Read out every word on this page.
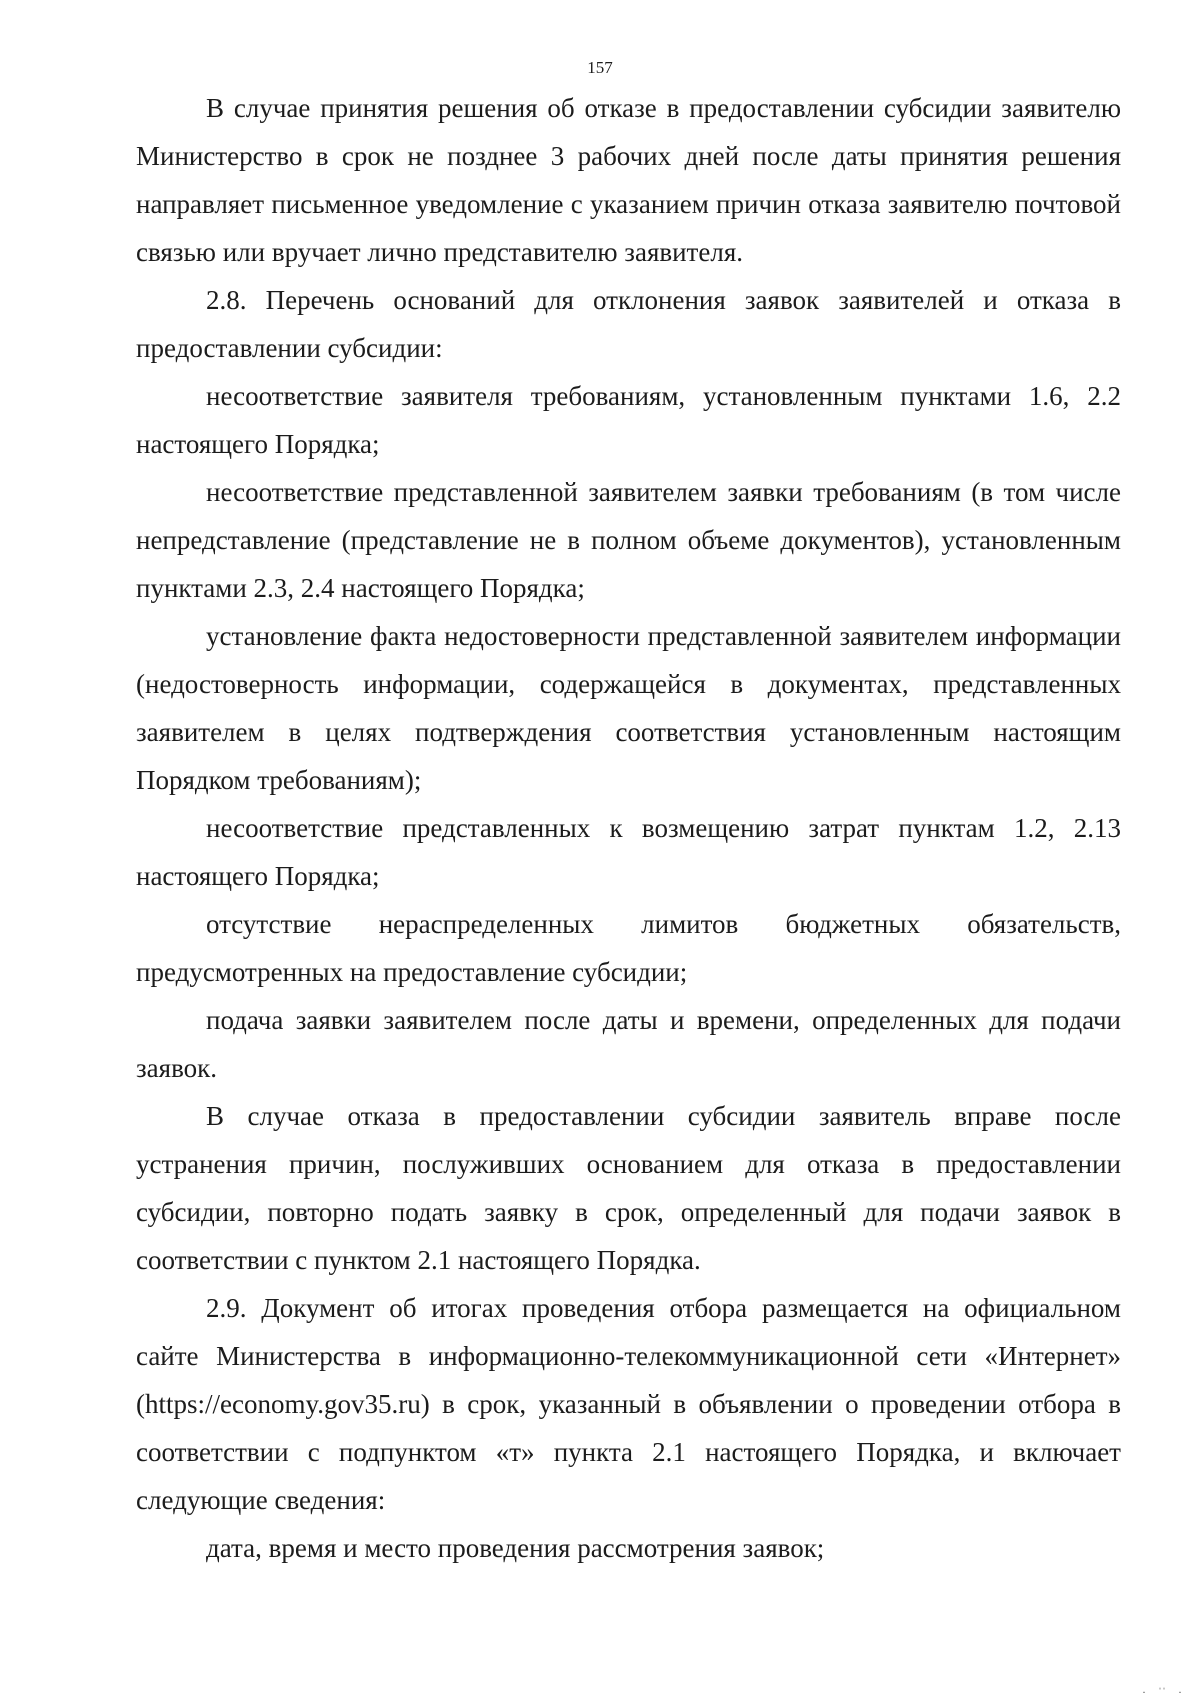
157

В случае принятия решения об отказе в предоставлении субсидии заявителю Министерство в срок не позднее 3 рабочих дней после даты принятия решения направляет письменное уведомление с указанием причин отказа заявителю почтовой связью или вручает лично представителю заявителя.

2.8. Перечень оснований для отклонения заявок заявителей и отказа в предоставлении субсидии:

несоответствие заявителя требованиям, установленным пунктами 1.6, 2.2 настоящего Порядка;

несоответствие представленной заявителем заявки требованиям (в том числе непредставление (представление не в полном объеме документов), установленным пунктами 2.3, 2.4 настоящего Порядка;

установление факта недостоверности представленной заявителем информации (недостоверность информации, содержащейся в документах, представленных заявителем в целях подтверждения соответствия установленным настоящим Порядком требованиям);

несоответствие представленных к возмещению затрат пунктам 1.2, 2.13 настоящего Порядка;

отсутствие нераспределенных лимитов бюджетных обязательств, предусмотренных на предоставление субсидии;

подача заявки заявителем после даты и времени, определенных для подачи заявок.

В случае отказа в предоставлении субсидии заявитель вправе после устранения причин, послуживших основанием для отказа в предоставлении субсидии, повторно подать заявку в срок, определенный для подачи заявок в соответствии с пунктом 2.1 настоящего Порядка.

2.9. Документ об итогах проведения отбора размещается на официальном сайте Министерства в информационно-телекоммуникационной сети «Интернет» (https://economy.gov35.ru) в срок, указанный в объявлении о проведении отбора в соответствии с подпунктом «т» пункта 2.1 настоящего Порядка, и включает следующие сведения:

дата, время и место проведения рассмотрения заявок;

·    ˈˈ    ·
